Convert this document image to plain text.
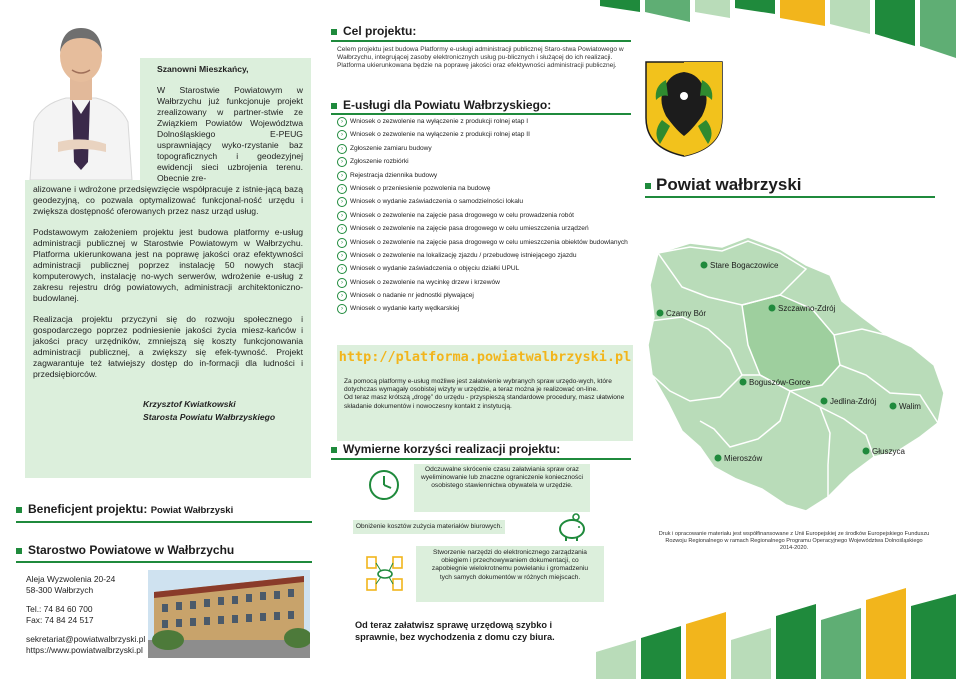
Szanowni Mieszkańcy,

W Starostwie Powiatowym w Wałbrzychu już funkcjonuje projekt zrealizowany w partner-stwie ze Związkiem Powiatów Województwa Dolnośląskiego E-PEUG usprawniający wyko-rzystanie baz topograficznych i geodezyjnej ewidencji sieci uzbrojenia terenu. Obecnie zre-

alizowane i wdrożone przedsięwzięcie współpracuje z istnie-jącą bazą geodezyjną, co pozwala optymalizować funkcjonal-ność urzędu i zwiększa dostępność oferowanych przez nasz urząd usług.

Podstawowym założeniem projektu jest budowa platformy e-usług administracji publicznej w Starostwie Powiatowym w Wałbrzychu. Platforma ukierunkowana jest na poprawę jakości oraz efektywności administracji publicznej poprzez instalację 50 nowych stacji komputerowych, instalację no-wych serwerów, wdrożenie e-usług z zakresu rejestru dróg powiatowych, administracji architektoniczno-budowlanej.

Realizacja projektu przyczyni się do rozwoju społecznego i gospodarczego poprzez podniesienie jakości życia miesz-kańców i jakości pracy urzędników, zmniejszą się koszty funkcjonowania administracji publicznej, a zwiększy się efek-tywność. Projekt zagwarantuje też łatwiejszy dostęp do in-formacji dla ludności i przedsiębiorców.

Krzysztof Kwiatkowski
Starosta Powiatu Wałbrzyskiego

Beneficjent projektu: Powiat Wałbrzyski
Starostwo Powiatowe w Wałbrzychu
Aleja Wyzwolenia 20-24
58-300 Wałbrzych
Tel.: 74 84 60 700
Fax: 74 84 24 517
sekretariat@powiatwalbrzyski.pl
https://www.powiatwalbrzyski.pl
Cel projektu:
Celem projektu jest budowa Platformy e-usługi administracji publicznej Staro-stwa Powiatowego w Wałbrzychu, integrującej zasoby elektronicznych usług pu-blicznych i służącej do ich realizacji. Platforma ukierunkowana będzie na poprawę jakości oraz efektywności administracji publicznej.
E-usługi dla Powiatu Wałbrzyskiego:
›	Wniosek o zezwolenie na wyłączenie z produkcji rolnej etap I
›	Wniosek o zezwolenie na wyłączenie z produkcji rolnej etap II
›	Zgłoszenie zamiaru budowy
›	Zgłoszenie rozbiórki
›	Rejestracja dziennika budowy
›	Wniosek o przeniesienie pozwolenia na budowę
›	Wniosek o wydanie zaświadczenia o samodzielności lokalu
›	Wniosek o zezwolenie na zajęcie pasa drogowego w celu prowadzenia robót
›	Wniosek o zezwolenie na zajęcie pasa drogowego w celu umieszczenia urządzeń
›	Wniosek o zezwolenie na zajęcie pasa drogowego w celu umieszczenia obiektów budowlanych
›	Wniosek o zezwolenie na lokalizację zjazdu / przebudowę istniejącego zjazdu
›	Wniosek o wydanie zaświadczenia o objęciu działki UPUL
›	Wniosek o zezwolenie na wycinkę drzew i krzewów
›	Wniosek o nadanie nr jednostki pływającej
›	Wniosek o wydanie karty wędkarskiej
http://platforma.powiatwalbrzyski.pl
Za pomocą platformy e-usług możliwe jest załatwienie wybranych spraw urzędo-wych, które dotychczas wymagały osobistej wizyty w urzędzie, a teraz można je realizować on-line.
Od teraz masz krótszą „drogę” do urzędu - przyspieszą standardowe procedury, masz ułatwione składanie dokumentów i nowoczesny kontakt z instytucją.
Wymierne korzyści realizacji projektu:

Odczuwalne skrócenie czasu załatwiania spraw oraz wyeliminowanie lub znaczne ograniczenie konieczności osobistego stawiennictwa obywatela w urzędzie.

Obniżenie kosztów zużycia materiałów biurowych.

Stworzenie narzędzi do elektronicznego zarządzania obiegiem i przechowywaniem dokumentacji, co zapobiegnie wielokrotnemu powielaniu i gromadzeniu tych samych dokumentów w różnych miejscach.

Od teraz załatwisz sprawę urzędową szybko i sprawnie, bez wychodzenia z domu czy biura.
Powiat wałbrzyski
Stare Bogaczowice
Czarny Bór
Szczawno-Zdrój
Boguszów-Gorce
Jedlina-Zdrój
Walim
Mieroszów
Głuszyca
Druk i opracowanie materiału jest współfinansowane z Unii Europejskiej ze środków Europejskiego Funduszu Rozwoju Regionalnego w ramach Regionalnego Programu Operacyjnego Województwa Dolnośląskiego 2014-2020.
